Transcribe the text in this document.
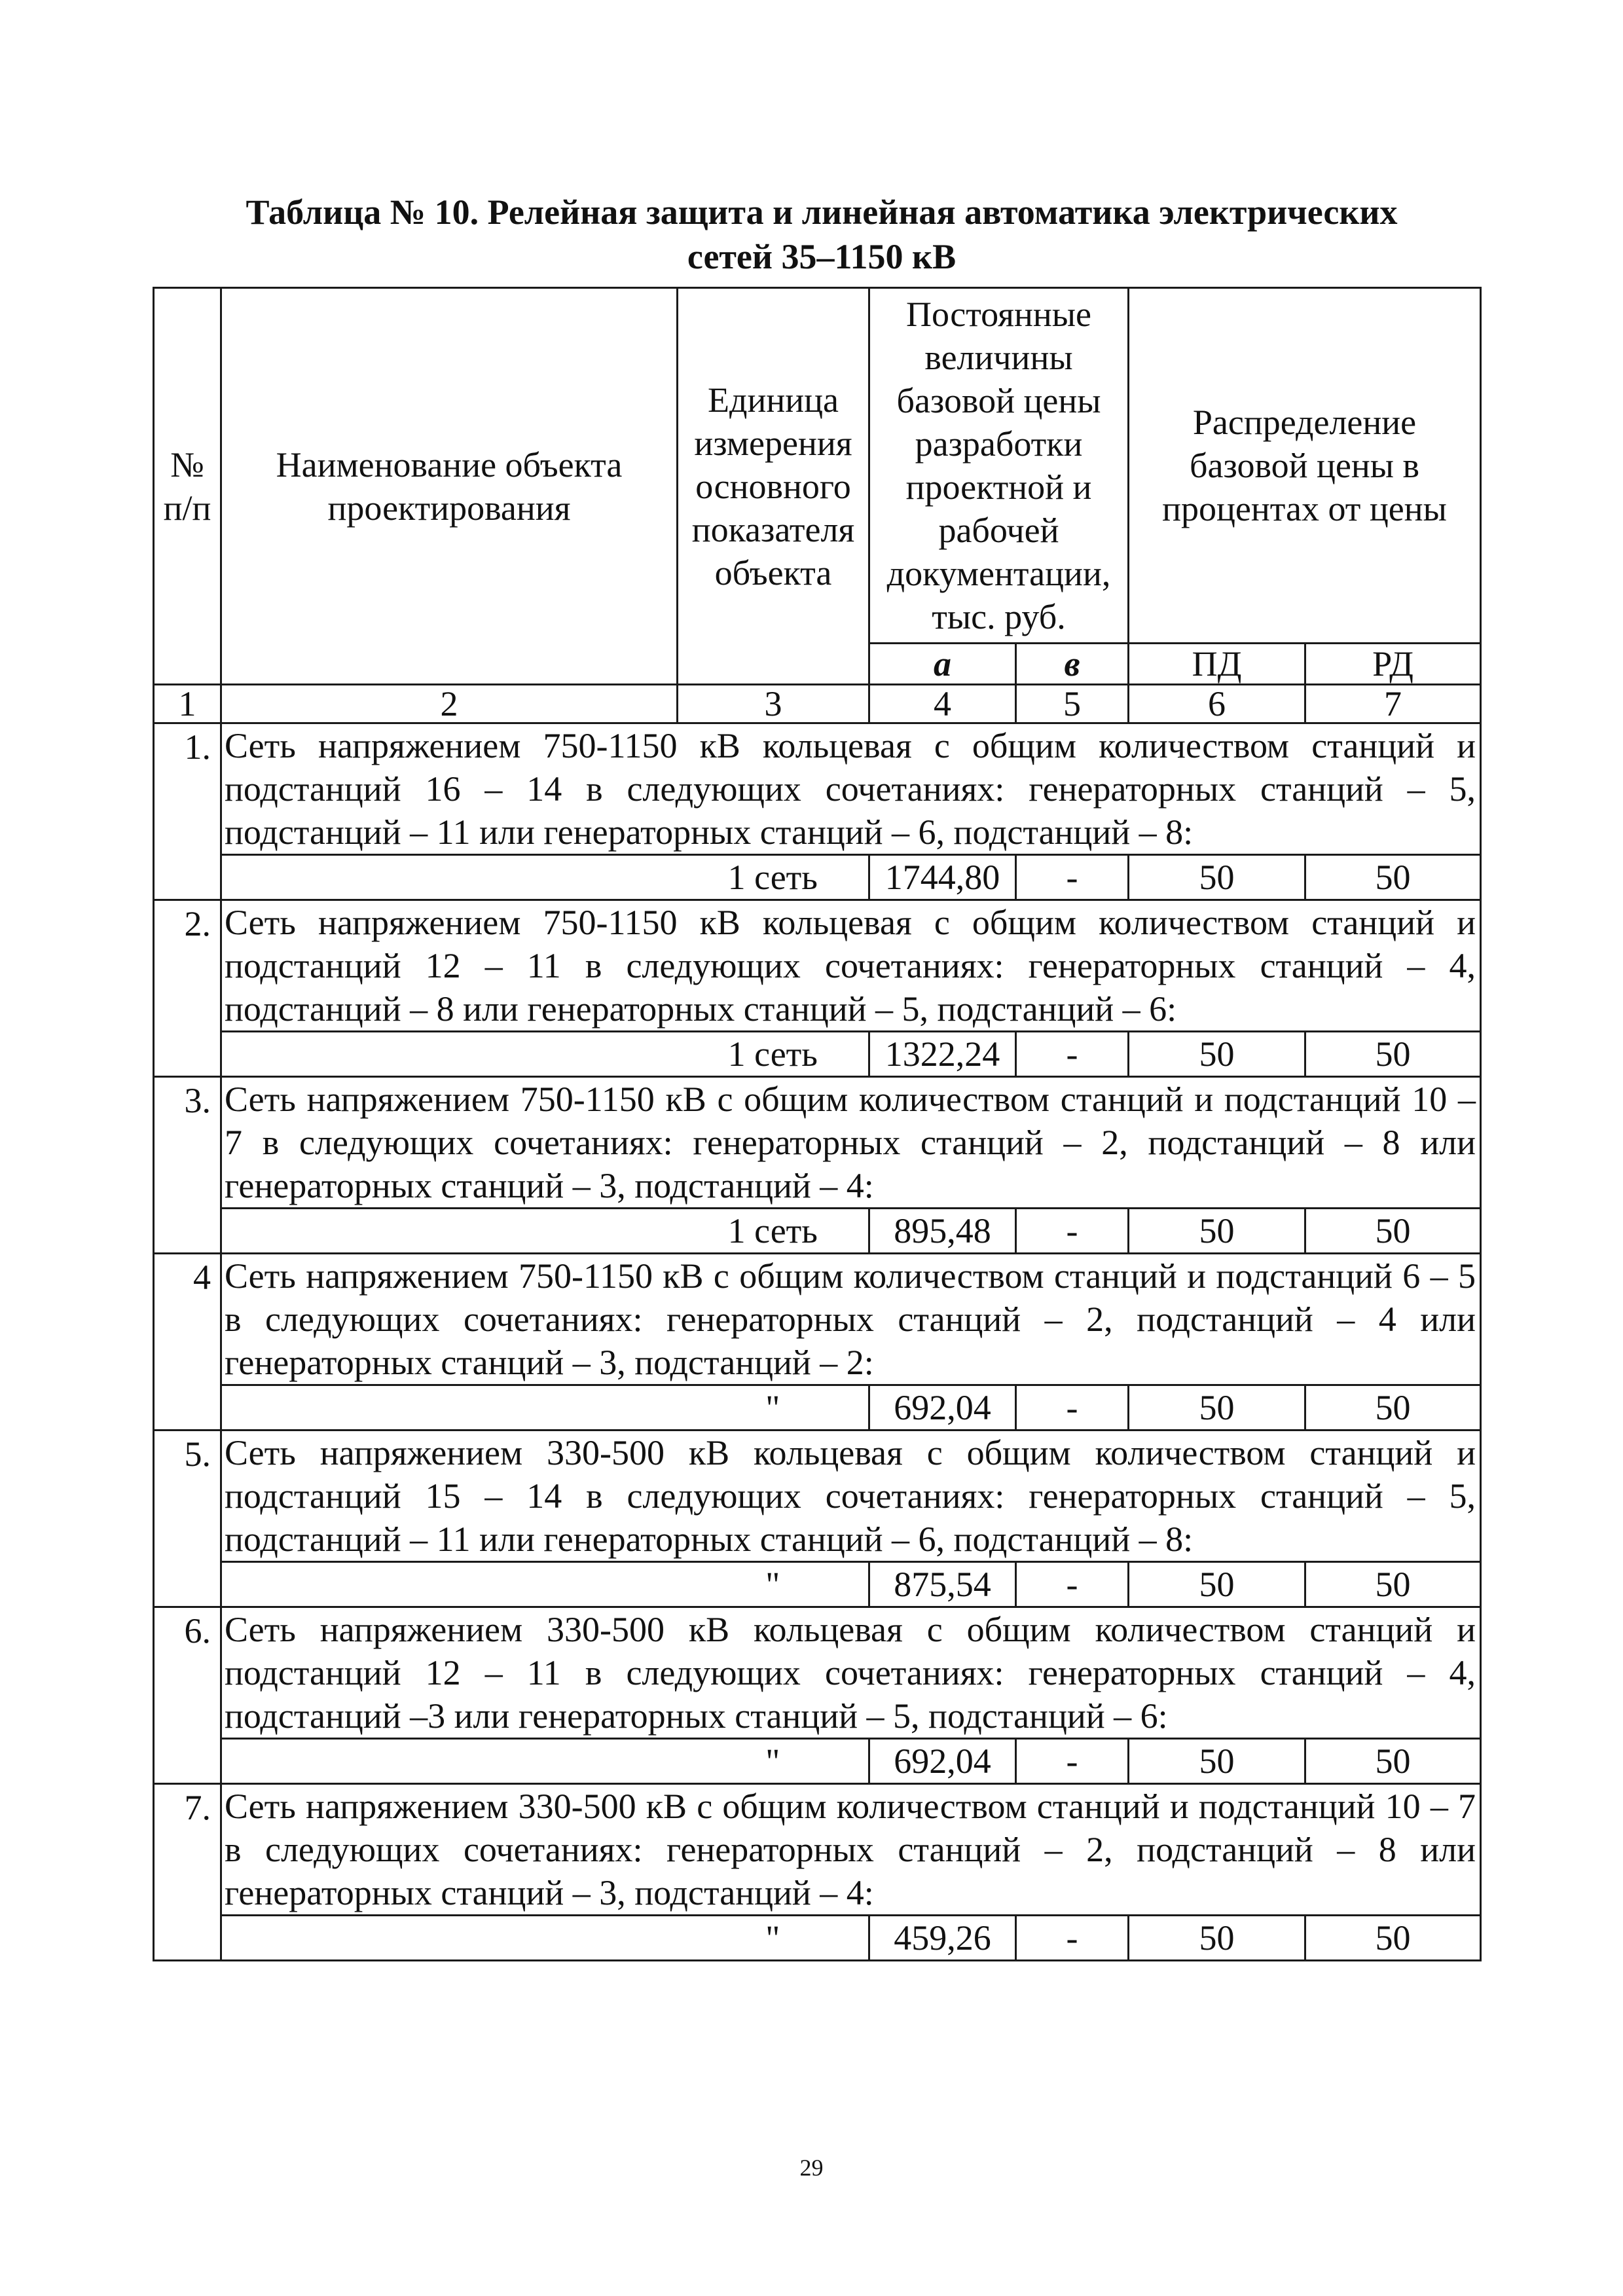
Таблица № 10. Релейная защита и линейная автоматика электрических
сетей 35–1150 кВ
№ п/п	Наименование объекта проектирования	Единица измерения основного показателя объекта	Постоянные величины базовой цены разработки проектной и рабочей документации, тыс. руб.		Распределение базовой цены в процентах от цены	
			а	в	ПД	РД
1	2	3	4	5	6	7
1.	Сеть напряжением 750-1150 кВ кольцевая с общим количеством станций и подстанций 16 – 14 в следующих сочетаниях: генераторных станций – 5, подстанций – 11 или генераторных станций – 6, подстанций – 8:					
		1 сеть	1744,80	-	50	50
2.	Сеть напряжением 750-1150 кВ кольцевая с общим количеством станций и подстанций 12 – 11 в следующих сочетаниях: генераторных станций – 4, подстанций – 8 или генераторных станций – 5, подстанций – 6:					
		1 сеть	1322,24	-	50	50
3.	Сеть напряжением 750-1150 кВ с общим количеством станций и подстанций 10 – 7 в следующих сочетаниях: генераторных станций – 2, подстанций – 8 или генераторных станций – 3, подстанций – 4:					
		1 сеть	895,48	-	50	50
4	Сеть напряжением 750-1150 кВ с общим количеством станций и подстанций 6 – 5 в следующих сочетаниях: генераторных станций – 2, подстанций – 4 или генераторных станций – 3, подстанций – 2:					
		"	692,04	-	50	50
5.	Сеть напряжением 330-500 кВ кольцевая с общим количеством станций и подстанций 15 – 14 в следующих сочетаниях: генераторных станций – 5, подстанций – 11 или генераторных станций – 6, подстанций – 8:					
		"	875,54	-	50	50
6.	Сеть напряжением 330-500 кВ кольцевая с общим количеством станций и подстанций 12 – 11 в следующих сочетаниях: генераторных станций – 4, подстанций –3 или генераторных станций – 5, подстанций – 6:					
		"	692,04	-	50	50
7.	Сеть напряжением 330-500 кВ с общим количеством станций и подстанций 10 – 7 в следующих сочетаниях: генераторных станций – 2, подстанций – 8 или генераторных станций – 3, подстанций – 4:					
		"	459,26	-	50	50
29
